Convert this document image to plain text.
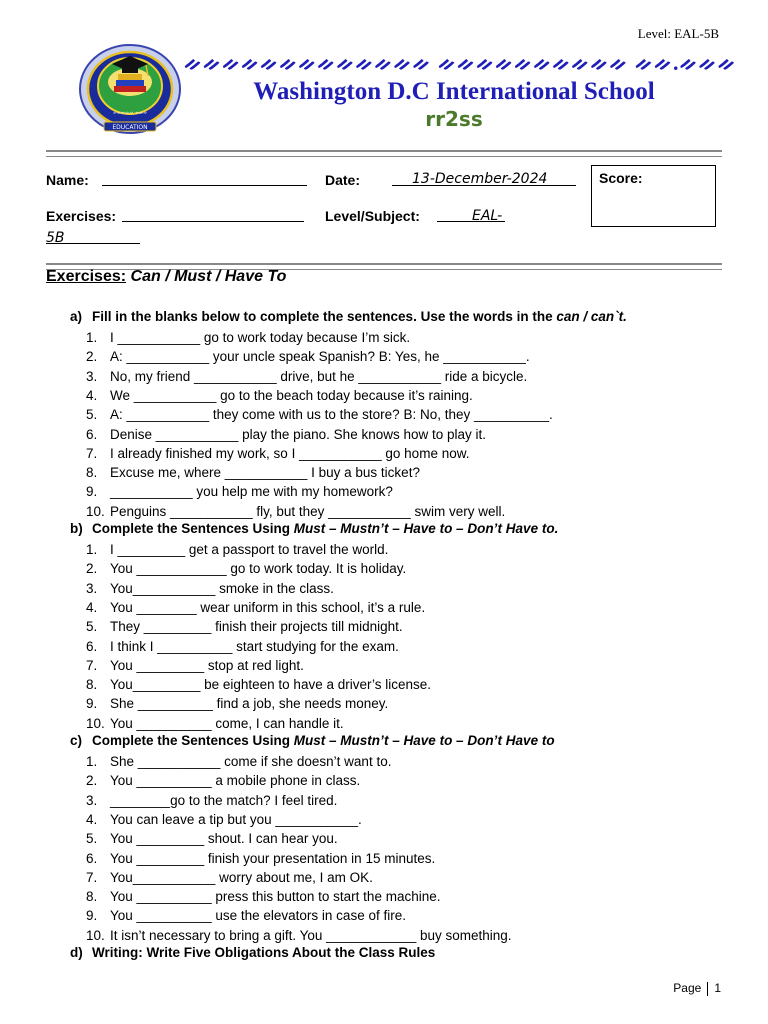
Level: EAL-5B
ᨀᨀᨀᨀᨀ ᨀᨀᨀ
EDUCATION
ᨀᨀᨀᨀᨀᨀᨀᨀᨀᨀᨀᨀᨀ ᨀᨀᨀᨀᨀᨀᨀᨀᨀᨀ ᨀᨀ.ᨀᨀᨀ
Washington D.C International School
rr2ss
Name:	Date:	13-December-2024	Score:
Exercises:	Level/Subject:	EAL-
5B
Exercises: Can / Must / Have To
a) Fill in the blanks below to complete the sentences. Use the words in the can / can`t.
1. I ___________ go to work today because I’m sick.
2. A: ___________ your uncle speak Spanish? B: Yes, he ___________.
3. No, my friend ___________ drive, but he ___________ ride a bicycle.
4. We ___________ go to the beach today because it’s raining.
5. A: ___________ they come with us to the store? B: No, they __________.
6. Denise ___________ play the piano. She knows how to play it.
7. I already finished my work, so I ___________ go home now.
8. Excuse me, where ___________ I buy a bus ticket?
9. ___________ you help me with my homework?
10. Penguins ___________ fly, but they ___________ swim very well.
b) Complete the Sentences Using Must – Mustn’t – Have to – Don’t Have to.
1. I _________ get a passport to travel the world.
2. You ____________ go to work today. It is holiday.
3. You___________ smoke in the class.
4. You ________ wear uniform in this school, it’s a rule.
5. They _________ finish their projects till midnight.
6. I think I __________ start studying for the exam.
7. You _________ stop at red light.
8. You_________ be eighteen to have a driver’s license.
9. She __________ find a job, she needs money.
10. You __________ come, I can handle it.
c) Complete the Sentences Using Must – Mustn’t – Have to – Don’t Have to
1. She ___________ come if she doesn’t want to.
2. You __________ a mobile phone in class.
3. ________go to the match? I feel tired.
4. You can leave a tip but you ___________.
5. You _________ shout. I can hear you.
6. You _________ finish your presentation in 15 minutes.
7. You___________ worry about me, I am OK.
8. You __________ press this button to start the machine.
9. You __________ use the elevators in case of fire.
10. It isn’t necessary to bring a gift. You ____________ buy something.
d) Writing: Write Five Obligations About the Class Rules
Page 1
